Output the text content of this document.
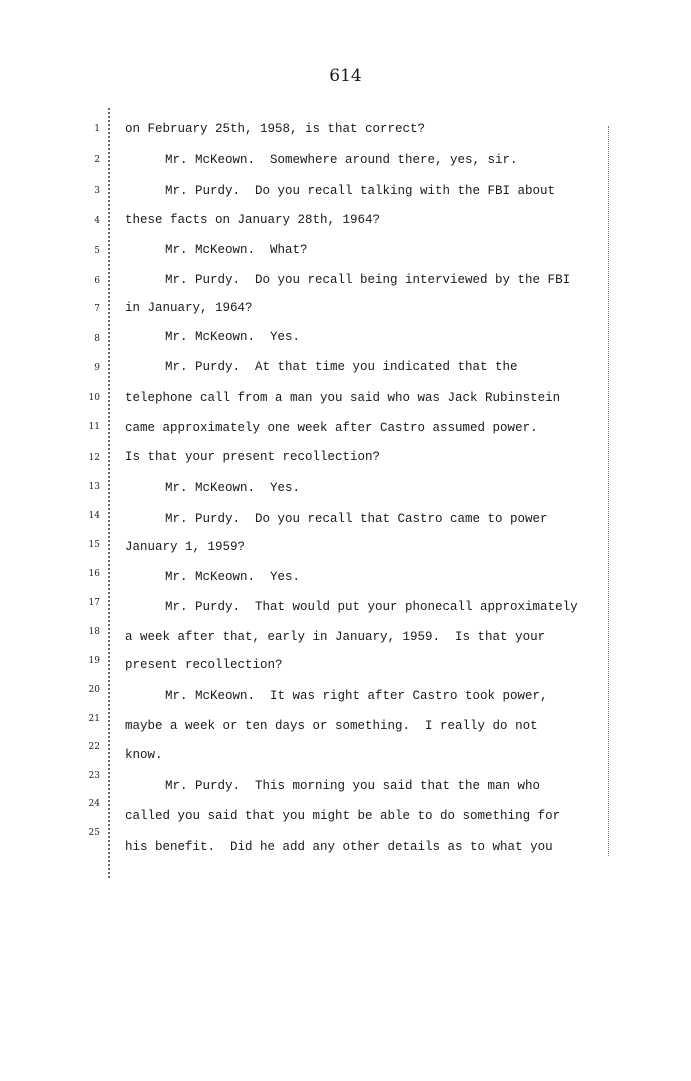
614
1
2
3
4
5
6
7
8
9
10
11
12
13
14
15
16
17
18
19
20
21
22
23
24
25
on February 25th, 1958, is that correct?
Mr. McKeown.  Somewhere around there, yes, sir.
Mr. Purdy.  Do you recall talking with the FBI about
these facts on January 28th, 1964?
Mr. McKeown.  What?
Mr. Purdy.  Do you recall being interviewed by the FBI
in January, 1964?
Mr. McKeown.  Yes.
Mr. Purdy.  At that time you indicated that the
telephone call from a man you said who was Jack Rubinstein
came approximately one week after Castro assumed power.
Is that your present recollection?
Mr. McKeown.  Yes.
Mr. Purdy.  Do you recall that Castro came to power
January 1, 1959?
Mr. McKeown.  Yes.
Mr. Purdy.  That would put your phonecall approximately
a week after that, early in January, 1959.  Is that your
present recollection?
Mr. McKeown.  It was right after Castro took power,
maybe a week or ten days or something.  I really do not
know.
Mr. Purdy.  This morning you said that the man who
called you said that you might be able to do something for
his benefit.  Did he add any other details as to what you
